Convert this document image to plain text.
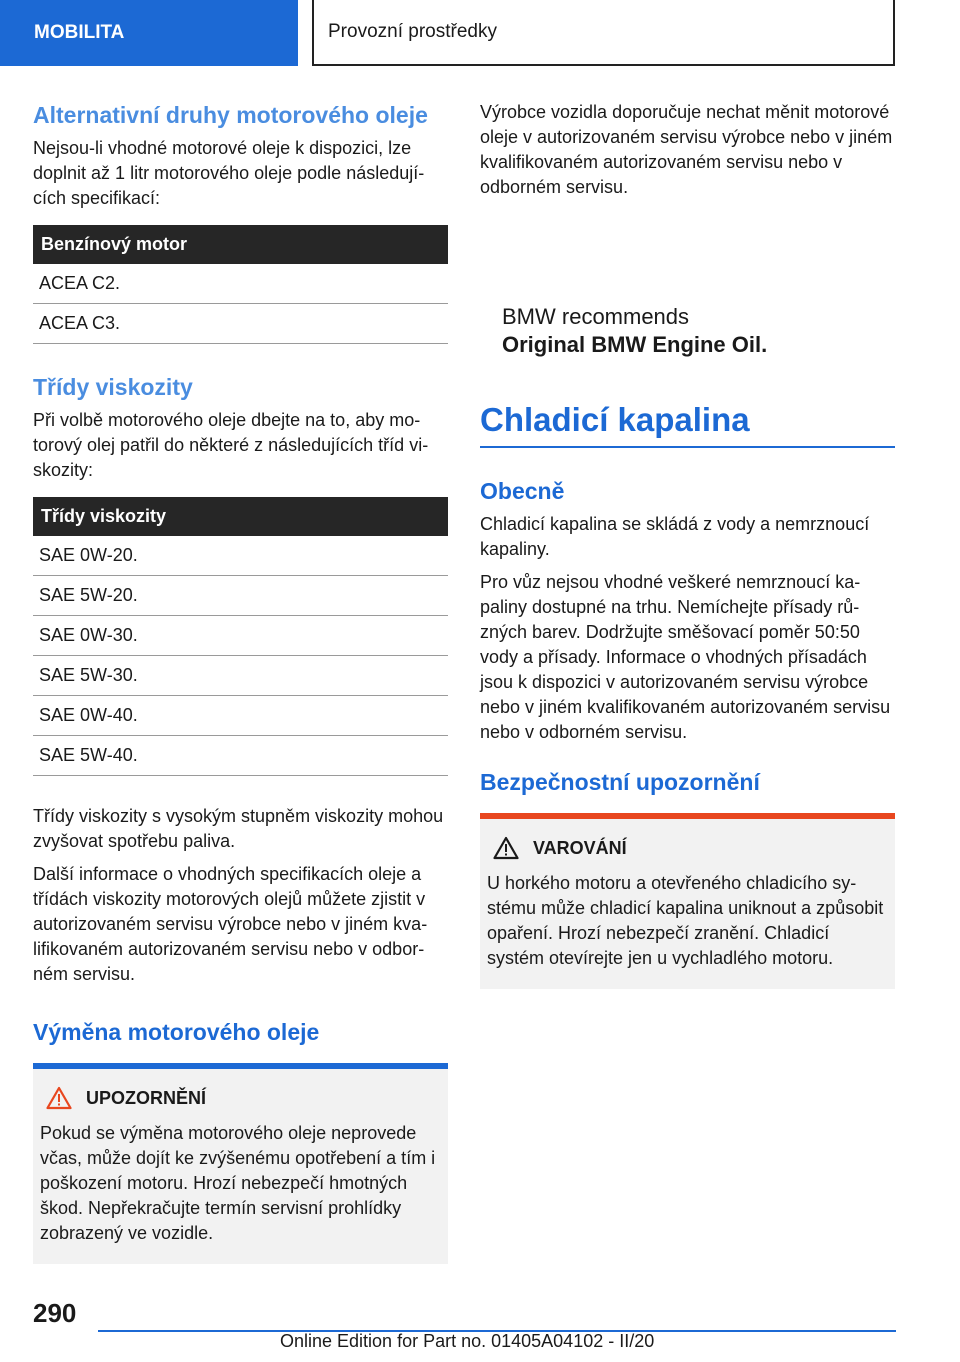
MOBILITA	Provozní prostředky
Alternativní druhy motorového oleje

Nejsou-li vhodné motorové oleje k dispozici, lze doplnit až 1 litr motorového oleje podle následujících specifikací:

Benzínový motor
ACEA C2.
ACEA C3.
Třídy viskozity

Při volbě motorového oleje dbejte na to, aby motorový olej patřil do některé z následujících tříd viskozity:

Třídy viskozity
SAE 0W-20.
SAE 5W-20.
SAE 0W-30.
SAE 5W-30.
SAE 0W-40.
SAE 5W-40.

Třídy viskozity s vysokým stupněm viskozity mohou zvyšovat spotřebu paliva.

Další informace o vhodných specifikacích oleje a třídách viskozity motorových olejů můžete zjistit v autorizovaném servisu výrobce nebo v jiném kvalifikovaném autorizovaném servisu nebo v odborném servisu.

Výměna motorového oleje
UPOZORNĚNÍ

Pokud se výměna motorového oleje neprovede včas, může dojít ke zvýšenému opotřebení a tím i poškození motoru. Hrozí nebezpečí hmotných škod. Nepřekračujte termín servisní prohlídky zobrazený ve vozidle.

Výrobce vozidla doporučuje nechat měnit motorové oleje v autorizovaném servisu výrobce nebo v jiném kvalifikovaném autorizovaném servisu nebo v odborném servisu.

BMW recommends
Original BMW Engine Oil.
Chladicí kapalina
Obecně

Chladicí kapalina se skládá z vody a nemrznoucí kapaliny.

Pro vůz nejsou vhodné veškeré nemrznoucí kapaliny dostupné na trhu. Nemíchejte přísady různých barev. Dodržujte směšovací poměr 50:50 vody a přísady. Informace o vhodných přísadách jsou k dispozici v autorizovaném servisu výrobce nebo v jiném kvalifikovaném autorizovaném servisu nebo v odborném servisu.

Bezpečnostní upozornění
VAROVÁNÍ

U horkého motoru a otevřeného chladicího systému může chladicí kapalina uniknout a způsobit opaření. Hrozí nebezpečí zranění. Chladicí systém otevírejte jen u vychladlého motoru.

290
Online Edition for Part no. 01405A04102 - II/20
